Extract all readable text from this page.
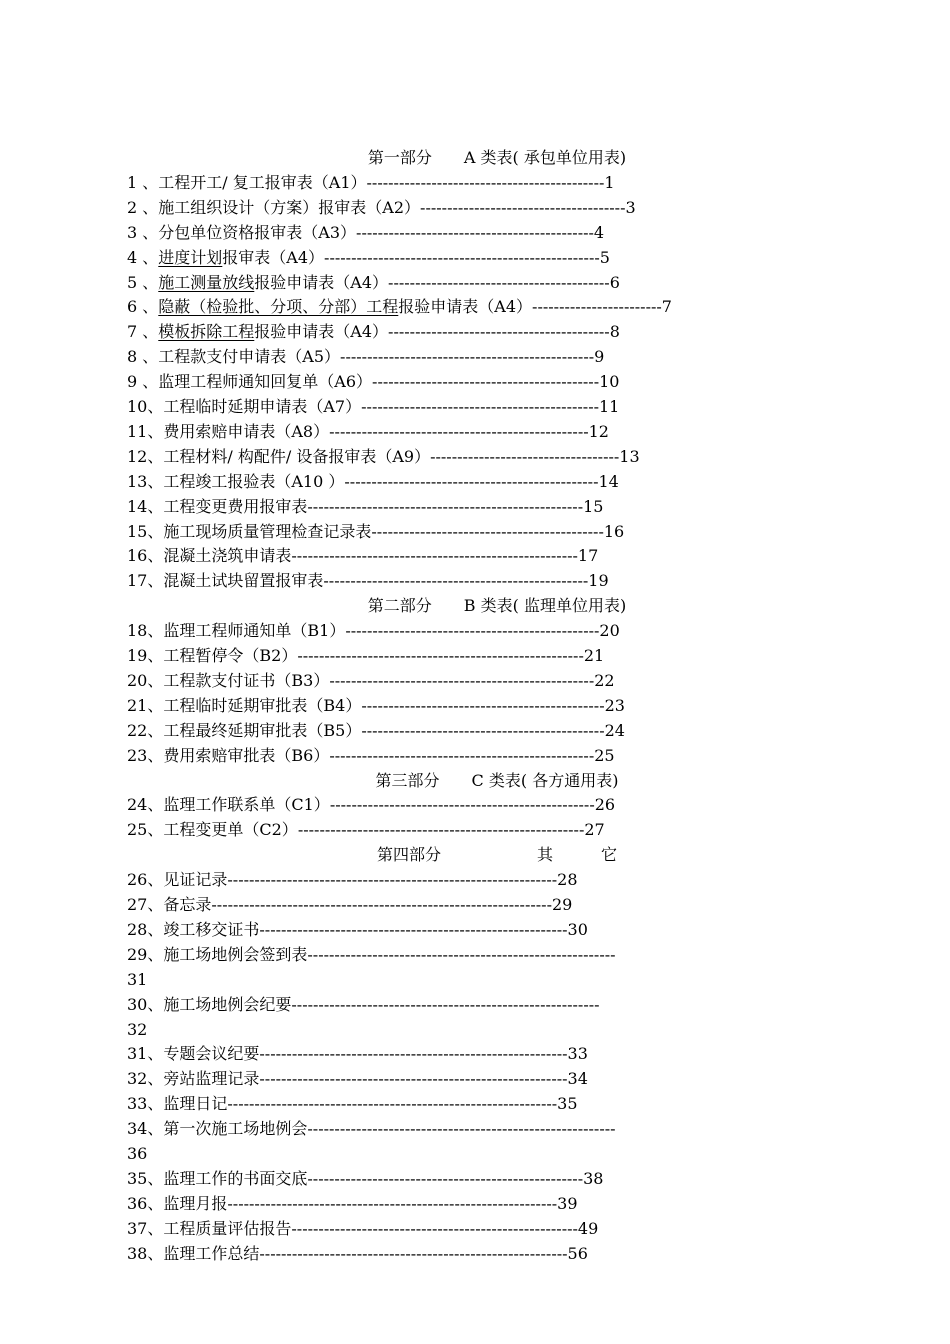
第一部分　　A 类表( 承包单位用表)
1 、工程开工/ 复工报审表（A1）--------------------------------------------1
2 、施工组织设计（方案）报审表（A2）--------------------------------------3
3 、分包单位资格报审表（A3）--------------------------------------------4
4 、进度计划报审表（A4）---------------------------------------------------5
5 、施工测量放线报验申请表（A4）-----------------------------------------6
6 、隐蔽（检验批、分项、分部）工程报验申请表（A4）------------------------7
7 、模板拆除工程报验申请表（A4）-----------------------------------------8
8 、工程款支付申请表（A5）-----------------------------------------------9
9 、监理工程师通知回复单（A6）------------------------------------------10
10、工程临时延期申请表（A7）--------------------------------------------11
11、费用索赔申请表（A8）------------------------------------------------12
12、工程材料/ 构配件/ 设备报审表（A9）-----------------------------------13
13、工程竣工报验表（A10 ）-----------------------------------------------14
14、工程变更费用报审表---------------------------------------------------15
15、施工现场质量管理检查记录表-------------------------------------------16
16、混凝土浇筑申请表-----------------------------------------------------17
17、混凝土试块留置报审表-------------------------------------------------19
第二部分　　B 类表( 监理单位用表)
18、监理工程师通知单（B1）-----------------------------------------------20
19、工程暂停令（B2）-----------------------------------------------------21
20、工程款支付证书（B3）-------------------------------------------------22
21、工程临时延期审批表（B4）---------------------------------------------23
22、工程最终延期审批表（B5）---------------------------------------------24
23、费用索赔审批表（B6）-------------------------------------------------25
第三部分　　C 类表( 各方通用表)
24、监理工作联系单（C1）-------------------------------------------------26
25、工程变更单（C2）-----------------------------------------------------27
第四部分　　　　　　其　　　它
26、见证记录-------------------------------------------------------------28
27、备忘录---------------------------------------------------------------29
28、竣工移交证书---------------------------------------------------------30
29、施工场地例会签到表---------------------------------------------------------
31
30、施工场地例会纪要---------------------------------------------------------
32
31、专题会议纪要---------------------------------------------------------33
32、旁站监理记录---------------------------------------------------------34
33、监理日记-------------------------------------------------------------35
34、第一次施工场地例会---------------------------------------------------------
36
35、监理工作的书面交底---------------------------------------------------38
36、监理月报-------------------------------------------------------------39
37、工程质量评估报告-----------------------------------------------------49
38、监理工作总结---------------------------------------------------------56
